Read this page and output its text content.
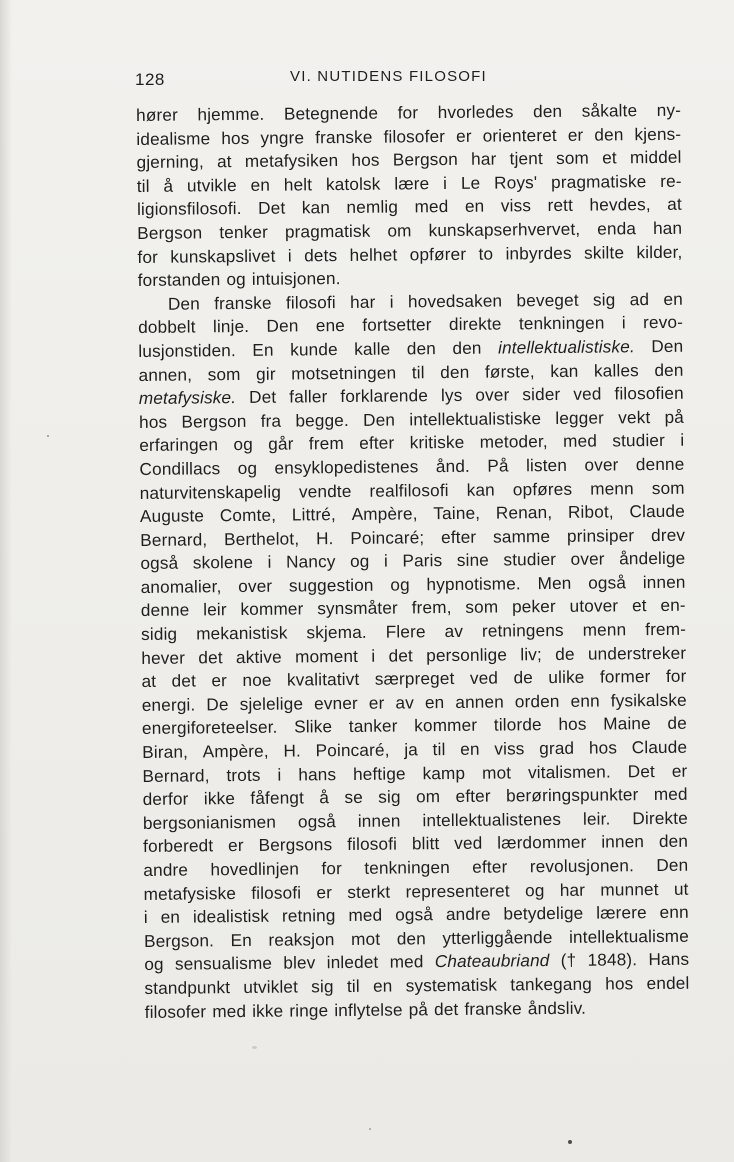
128	VI. NUTIDENS FILOSOFI
hører hjemme. Betegnende for hvorledes den såkalte ny-
idealisme hos yngre franske filosofer er orienteret er den kjens-
gjerning, at metafysiken hos Bergson har tjent som et middel
til å utvikle en helt katolsk lære i Le Roys' pragmatiske re-
ligionsfilosofi. Det kan nemlig med en viss rett hevdes, at
Bergson tenker pragmatisk om kunskapserhvervet, enda han
for kunskapslivet i dets helhet opfører to inbyrdes skilte kilder,
forstanden og intuisjonen.
Den franske filosofi har i hovedsaken beveget sig ad en
dobbelt linje. Den ene fortsetter direkte tenkningen i revo-
lusjonstiden. En kunde kalle den den intellektualistiske. Den
annen, som gir motsetningen til den første, kan kalles den
metafysiske. Det faller forklarende lys over sider ved filosofien
hos Bergson fra begge. Den intellektualistiske legger vekt på
erfaringen og går frem efter kritiske metoder, med studier i
Condillacs og ensyklopedistenes ånd. På listen over denne
naturvitenskapelig vendte realfilosofi kan opføres menn som
Auguste Comte, Littré, Ampère, Taine, Renan, Ribot, Claude
Bernard, Berthelot, H. Poincaré; efter samme prinsiper drev
også skolene i Nancy og i Paris sine studier over åndelige
anomalier, over suggestion og hypnotisme. Men også innen
denne leir kommer synsmåter frem, som peker utover et en-
sidig mekanistisk skjema. Flere av retningens menn frem-
hever det aktive moment i det personlige liv; de understreker
at det er noe kvalitativt særpreget ved de ulike former for
energi. De sjelelige evner er av en annen orden enn fysikalske
energiforeteelser. Slike tanker kommer tilorde hos Maine de
Biran, Ampère, H. Poincaré, ja til en viss grad hos Claude
Bernard, trots i hans heftige kamp mot vitalismen. Det er
derfor ikke fåfengt å se sig om efter berøringspunkter med
bergsonianismen også innen intellektualistenes leir. Direkte
forberedt er Bergsons filosofi blitt ved lærdommer innen den
andre hovedlinjen for tenkningen efter revolusjonen. Den
metafysiske filosofi er sterkt representeret og har munnet ut
i en idealistisk retning med også andre betydelige lærere enn
Bergson. En reaksjon mot den ytterliggående intellektualisme
og sensualisme blev inledet med Chateaubriand († 1848). Hans
standpunkt utviklet sig til en systematisk tankegang hos endel
filosofer med ikke ringe inflytelse på det franske åndsliv.
